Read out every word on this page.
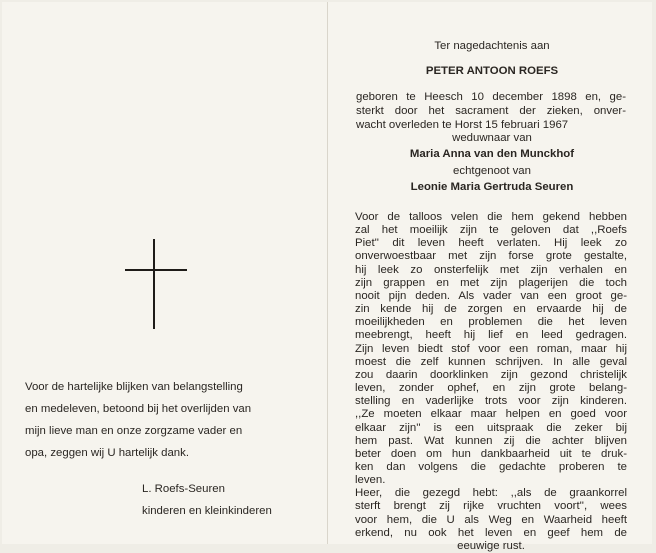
Voor de hartelijke blijken van belangstelling
en medeleven, betoond bij het overlijden van
mijn lieve man en onze zorgzame vader en
opa, zeggen wij U hartelijk dank.
L. Roefs-Seuren
kinderen en kleinkinderen
Ter nagedachtenis aan
PETER ANTOON ROEFS
geboren te Heesch 10 december 1898 en, ge-
sterkt door het sacrament der zieken, onver-
wacht overleden te Horst 15 februari 1967
weduwnaar van
Maria Anna van den Munckhof
echtgenoot van
Leonie Maria Gertruda Seuren
Voor de talloos velen die hem gekend hebben
zal het moeilijk zijn te geloven dat ,,Roefs
Piet'' dit leven heeft verlaten. Hij leek zo
onverwoestbaar met zijn forse grote gestalte,
hij leek zo onsterfelijk met zijn verhalen en
zijn grappen en met zijn plagerijen die toch
nooit pijn deden. Als vader van een groot ge-
zin kende hij de zorgen en ervaarde hij de
moeilijkheden en problemen die het leven
meebrengt, heeft hij lief en leed gedragen.
Zijn leven biedt stof voor een roman, maar hij
moest die zelf kunnen schrijven. In alle geval
zou daarin doorklinken zijn gezond christelijk
leven, zonder ophef, en zijn grote belang-
stelling en vaderlijke trots voor zijn kinderen.
,,Ze moeten elkaar maar helpen en goed voor
elkaar zijn'' is een uitspraak die zeker bij
hem past. Wat kunnen zij die achter blijven
beter doen om hun dankbaarheid uit te druk-
ken dan volgens die gedachte proberen te
leven.
Heer, die gezegd hebt: ,,als de graankorrel
sterft brengt zij rijke vruchten voort'', wees
voor hem, die U als Weg en Waarheid heeft
erkend, nu ook het leven en geef hem de
eeuwige rust.
